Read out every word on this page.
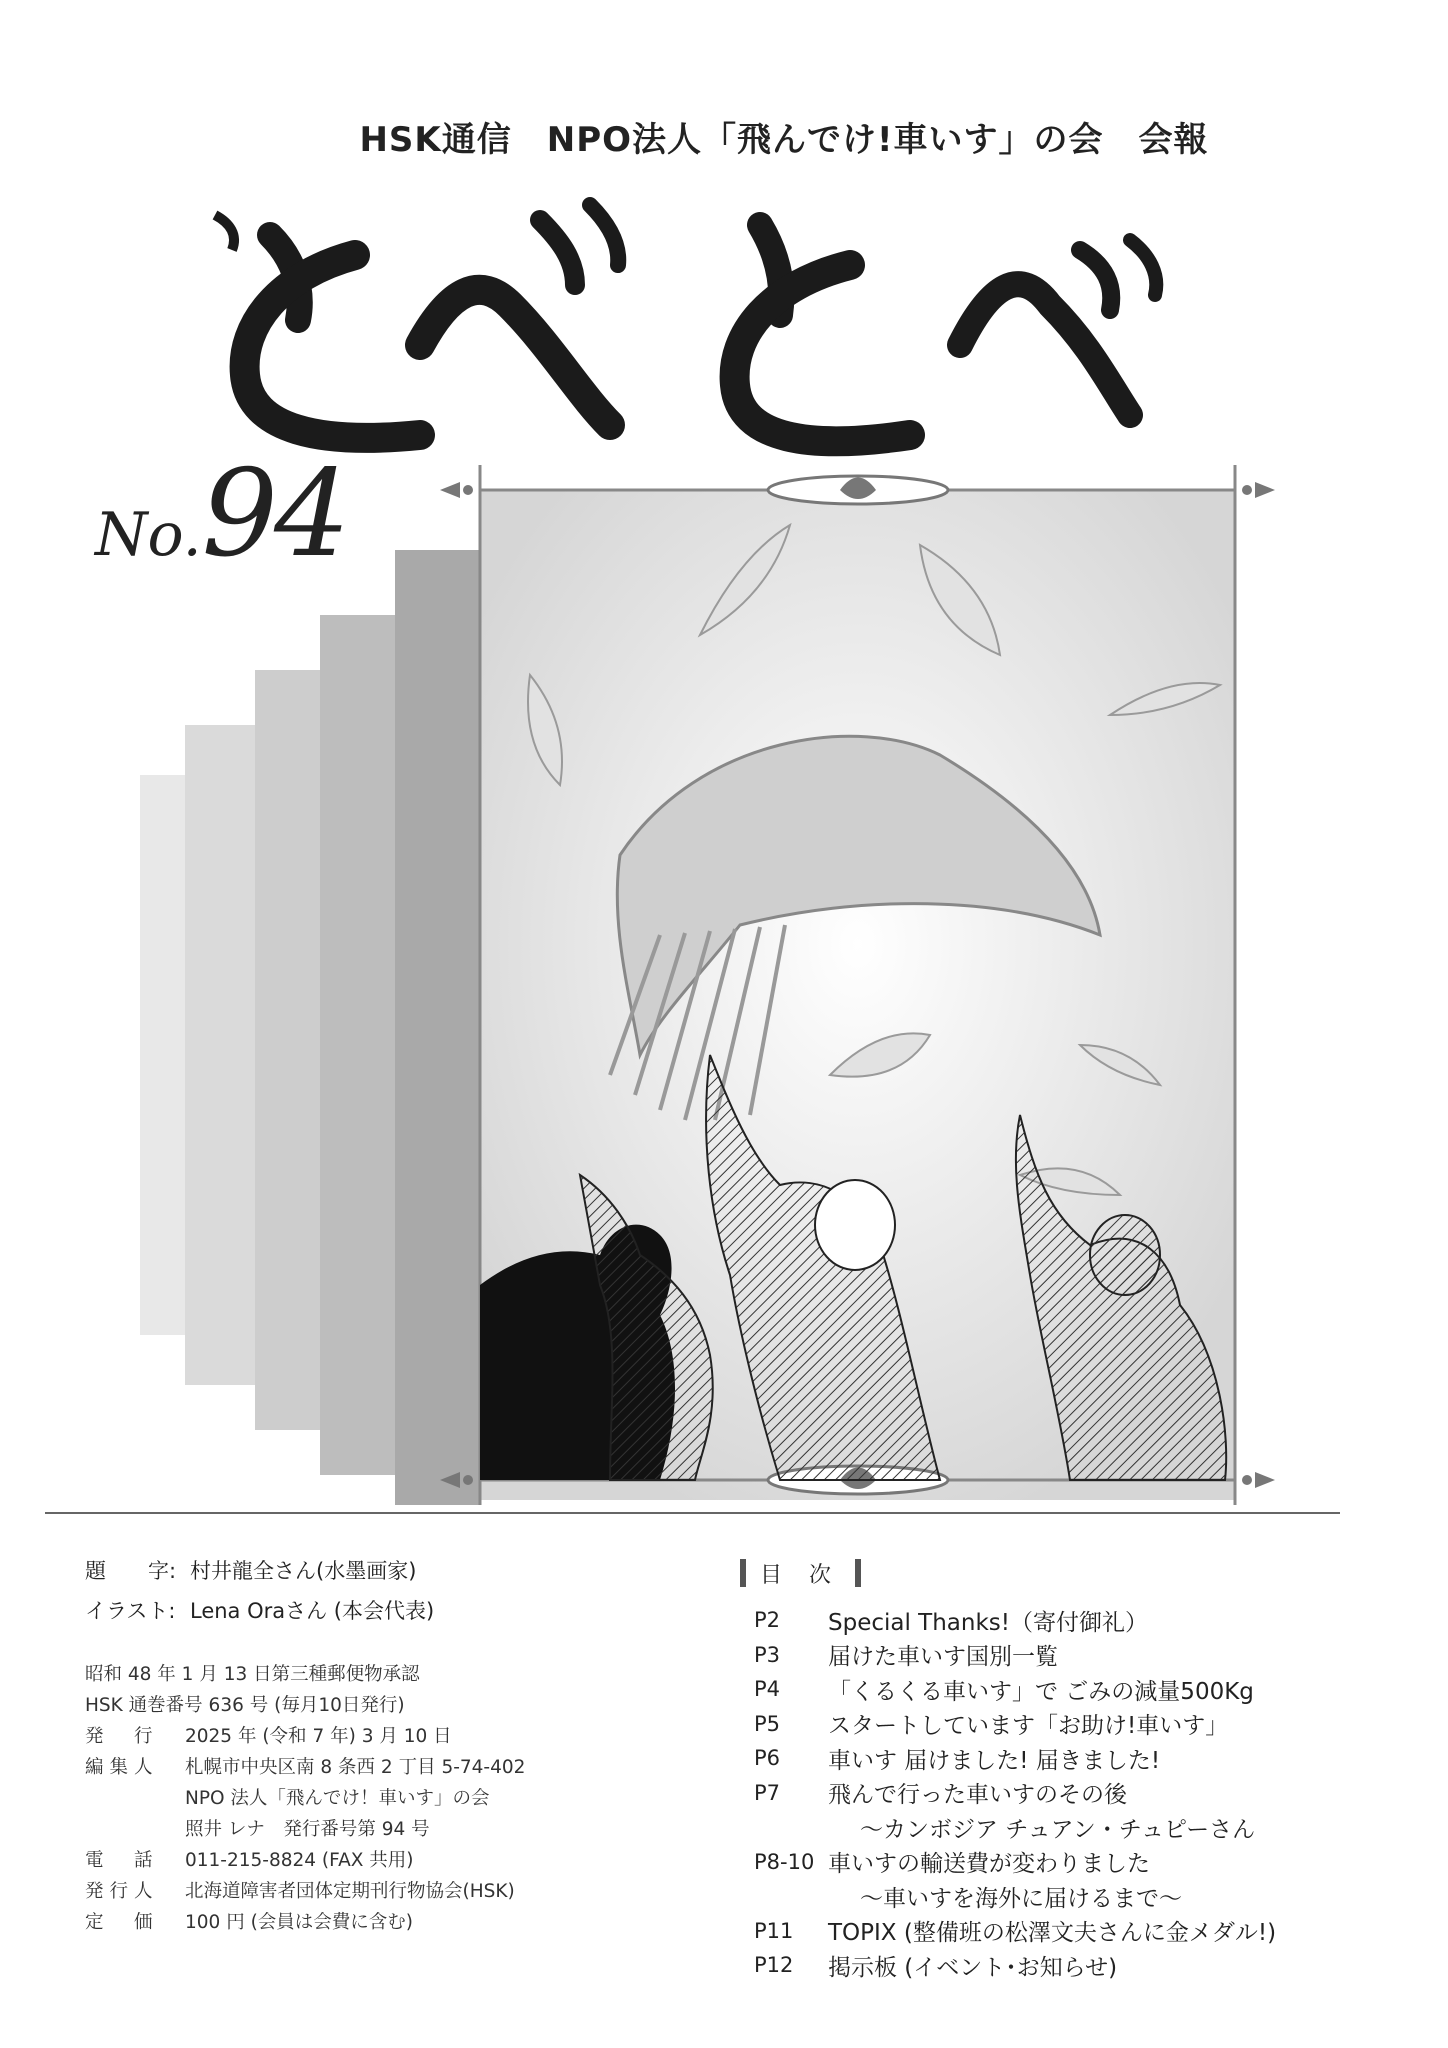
HSK通信　NPO法人「飛んでけ!車いす」の会　会報
No.94
題　　字: 村井龍全さん(水墨画家)
イラスト: Lena Oraさん (本会代表)
昭和 48 年 1 月 13 日第三種郵便物承認
HSK 通巻番号 636 号 (毎月10日発行)
発　行	2025 年 (令和 7 年) 3 月 10 日
編集人	札幌市中央区南 8 条西 2 丁目 5-74-402
NPO 法人「飛んでけ！車いす」の会
照井 レナ　発行番号第 94 号
電　話	011-215-8824 (FAX 共用)
発行人	北海道障害者団体定期刊行物協会(HSK)
定　価	100 円 (会員は会費に含む)
目 次
P2	Special Thanks!（寄付御礼）
P3	届けた車いす国別一覧
P4	「くるくる車いす」で ごみの減量500Kg
P5	スタートしています「お助け!車いす」
P6	車いす 届けました! 届きました!
P7	飛んで行った車いすのその後
～カンボジア チュアン・チュピーさん
P8-10 車いすの輸送費が変わりました
～車いすを海外に届けるまで～
P11	TOPIX (整備班の松澤文夫さんに金メダル!)
P12	掲示板 (イベント･お知らせ)
